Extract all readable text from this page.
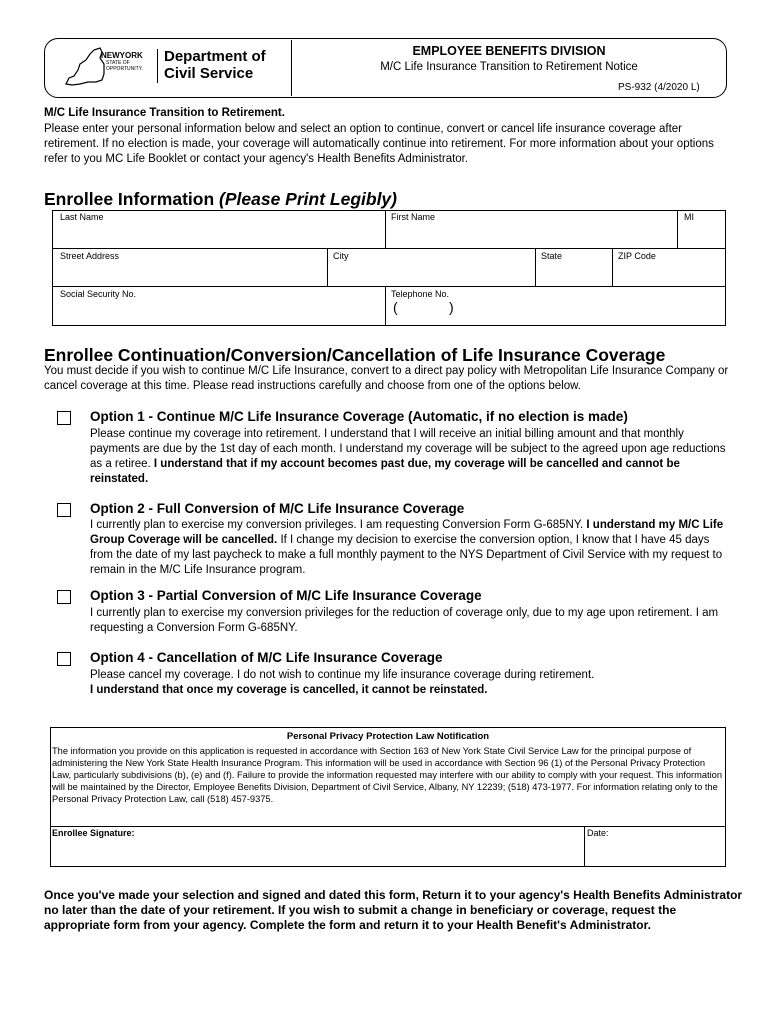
NEWYORK
STATE OF
OPPORTUNITY.
Department of
Civil Service
EMPLOYEE BENEFITS DIVISION
M/C Life Insurance Transition to Retirement Notice
PS-932 (4/2020 L)
M/C Life Insurance Transition to Retirement.
Please enter your personal information below and select an option to continue, convert or cancel life insurance coverage after retirement. If no election is made, your coverage will automatically continue into retirement. For more information about your options refer to you MC Life Booklet or contact your agency's Health Benefits Administrator.
Enrollee Information (Please Print Legibly)
Last Name	First Name	MI
Street Address	City	State	ZIP Code
Social Security No.	Telephone No.
(	)
Enrollee Continuation/Conversion/Cancellation of Life Insurance Coverage
You must decide if you wish to continue M/C Life Insurance, convert to a direct pay policy with Metropolitan Life Insurance Company or cancel coverage at this time. Please read instructions carefully and choose from one of the options below.
Option 1 - Continue M/C Life Insurance Coverage (Automatic, if no election is made)
Please continue my coverage into retirement. I understand that I will receive an initial billing amount and that monthly payments are due by the 1st day of each month. I understand my coverage will be subject to the agreed upon age reductions as a retiree. I understand that if my account becomes past due, my coverage will be cancelled and cannot be reinstated.
Option 2 - Full Conversion of M/C Life Insurance Coverage
I currently plan to exercise my conversion privileges. I am requesting Conversion Form G-685NY. I understand my M/C Life Group Coverage will be cancelled. If I change my decision to exercise the conversion option, I know that I have 45 days from the date of my last paycheck to make a full monthly payment to the NYS Department of Civil Service with my request to remain in the M/C Life Insurance program.
Option 3 - Partial Conversion of M/C Life Insurance Coverage
I currently plan to exercise my conversion privileges for the reduction of coverage only, due to my age upon retirement. I am requesting a Conversion Form G-685NY.
Option 4 - Cancellation of M/C Life Insurance Coverage
Please cancel my coverage. I do not wish to continue my life insurance coverage during retirement.
I understand that once my coverage is cancelled, it cannot be reinstated.
Personal Privacy Protection Law Notification
The information you provide on this application is requested in accordance with Section 163 of New York State Civil Service Law for the principal purpose of administering the New York State Health Insurance Program. This information will be used in accordance with Section 96 (1) of the Personal Privacy Protection Law, particularly subdivisions (b), (e) and (f). Failure to provide the information requested may interfere with our ability to comply with your request. This information will be maintained by the Director, Employee Benefits Division, Department of Civil Service, Albany, NY 12239; (518) 473-1977. For information relating only to the Personal Privacy Protection Law, call (518) 457-9375.
Enrollee Signature:	Date:
Once you've made your selection and signed and dated this form, Return it to your agency's Health Benefits Administrator no later than the date of your retirement. If you wish to submit a change in beneficiary or coverage, request the appropriate form from your agency. Complete the form and return it to your Health Benefit's Administrator.
